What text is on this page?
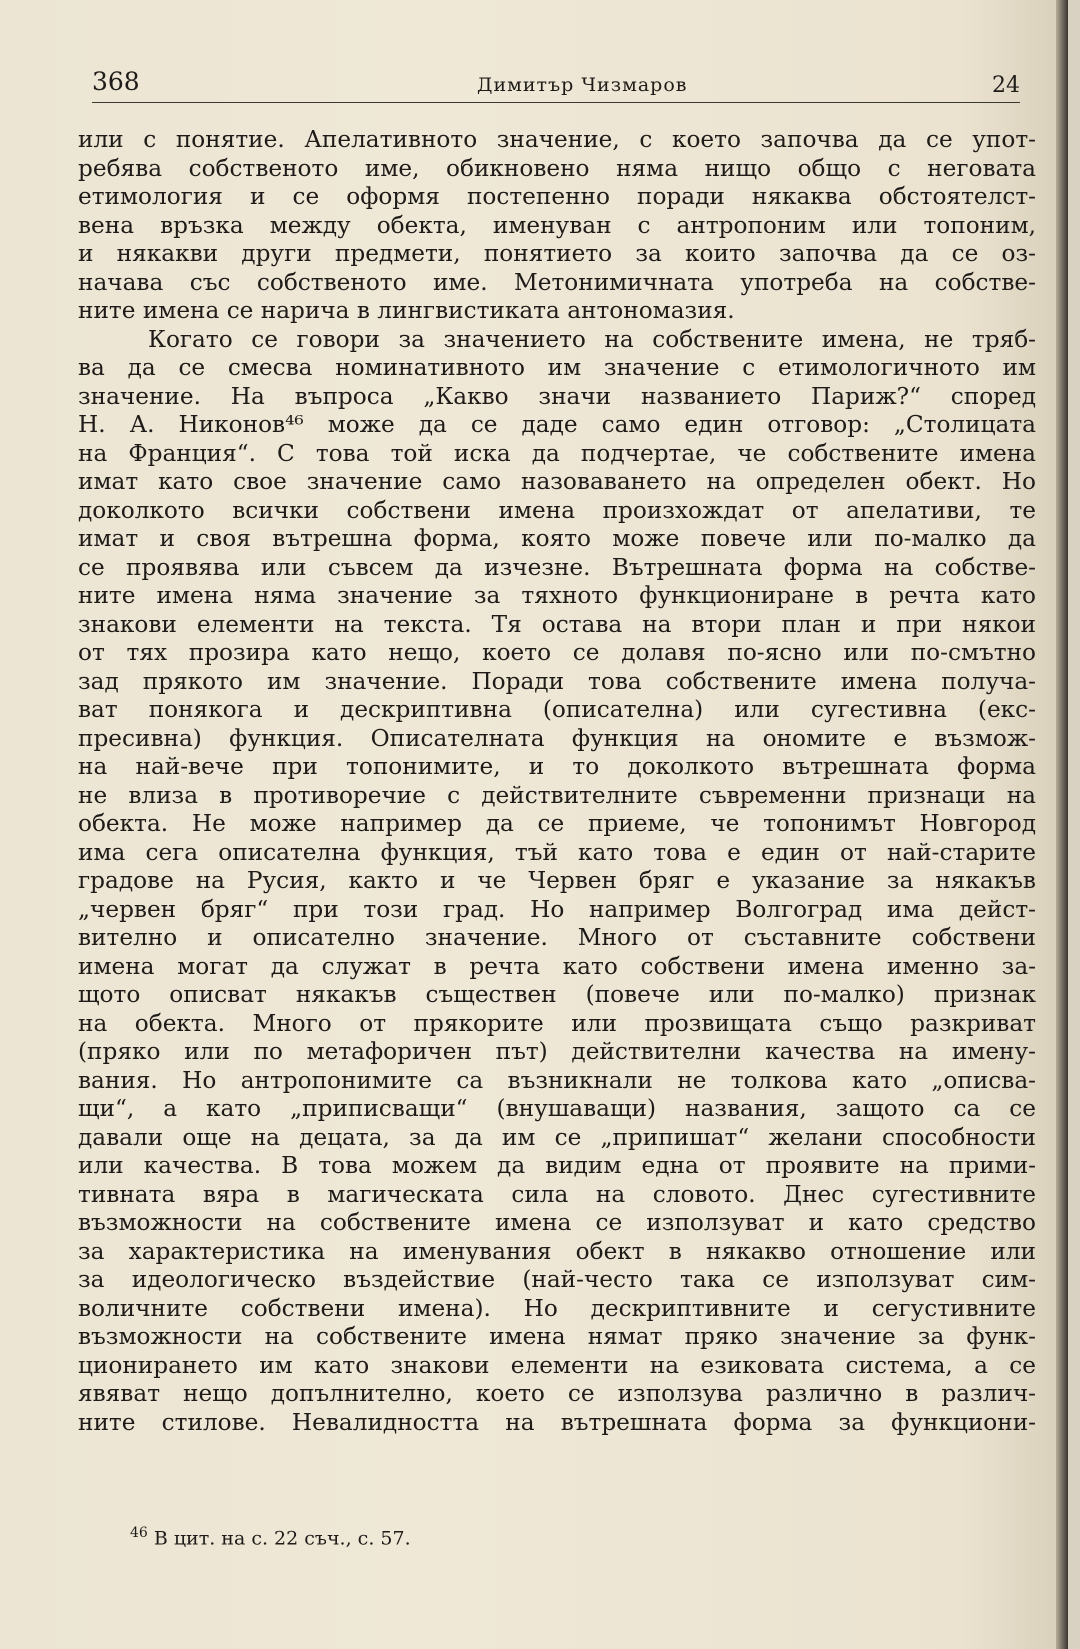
368	Димитър Чизмаров	24
или с понятие. Апелативното значение, с което започва да се упот-
ребява собственото име, обикновено няма нищо общо с неговата
етимология и се оформя постепенно поради някаква обстоятелст-
вена връзка между обекта, именуван с антропоним или топоним,
и някакви други предмети, понятието за които започва да се оз-
начава със собственото име. Метонимичната употреба на собстве-
ните имена се нарича в лингвистиката антономазия.
Когато се говори за значението на собствените имена, не тряб-
ва да се смесва номинативното им значение с етимологичното им
значение. На въпроса „Какво значи названието Париж?“ според
Н. А. Никонов⁴⁶ може да се даде само един отговор: „Столицата
на Франция“. С това той иска да подчертае, че собствените имена
имат като свое значение само назоваването на определен обект. Но
доколкото всички собствени имена произхождат от апелативи, те
имат и своя вътрешна форма, която може повече или по-малко да
се проявява или съвсем да изчезне. Вътрешната форма на собстве-
ните имена няма значение за тяхното функциониране в речта като
знакови елементи на текста. Тя остава на втори план и при някои
от тях прозира като нещо, което се долавя по-ясно или по-смътно
зад прякото им значение. Поради това собствените имена получа-
ват понякога и дескриптивна (описателна) или сугестивна (екс-
пресивна) функция. Описателната функция на ономите е възмож-
на най-вече при топонимите, и то доколкото вътрешната форма
не влиза в противоречие с действителните съвременни признаци на
обекта. Не може например да се приеме, че топонимът Новгород
има сега описателна функция, тъй като това е един от най-старите
градове на Русия, както и че Червен бряг е указание за някакъв
„червен бряг“ при този град. Но например Волгоград има дейст-
вително и описателно значение. Много от съставните собствени
имена могат да служат в речта като собствени имена именно за-
щото описват някакъв съществен (повече или по-малко) признак
на обекта. Много от прякорите или прозвищата също разкриват
(пряко или по метафоричен път) действителни качества на имену-
вания. Но антропонимите са възникнали не толкова като „описва-
щи“, а като „приписващи“ (внушаващи) названия, защото са се
давали още на децата, за да им се „припишат“ желани способности
или качества. В това можем да видим една от проявите на прими-
тивната вяра в магическата сила на словото. Днес сугестивните
възможности на собствените имена се използуват и като средство
за характеристика на именувания обект в някакво отношение или
за идеологическо въздействие (най-често така се използуват сим-
воличните собствени имена). Но дескриптивните и сегустивните
възможности на собствените имена нямат пряко значение за функ-
ционирането им като знакови елементи на езиковата система, а се
явяват нещо допълнително, което се използува различно в различ-
ните стилове. Невалидността на вътрешната форма за функциони-
$^{46}$ В цит. на с. 22 съч., с. 57.
